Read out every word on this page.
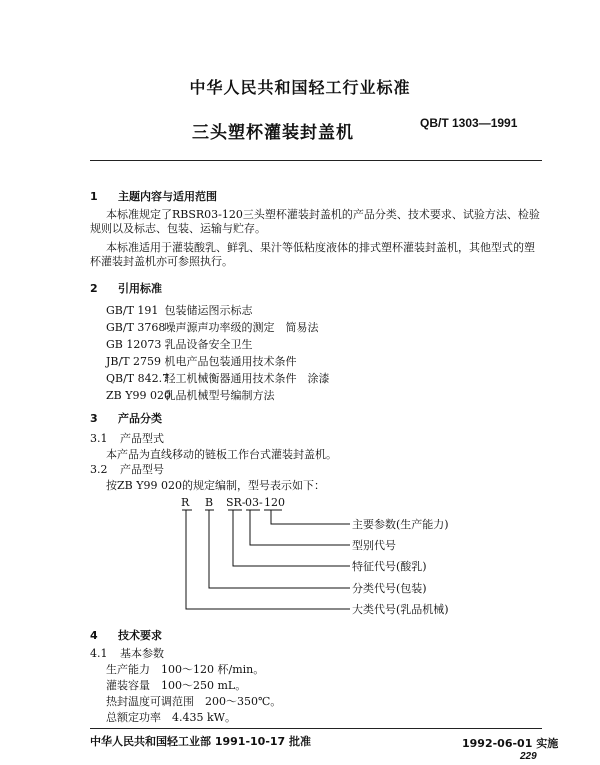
中华人民共和国轻工行业标准
三头塑杯灌装封盖机	QB/T 1303—1991
1 主题内容与适用范围
本标准规定了RBSR03-120三头塑杯灌装封盖机的产品分类、技术要求、试验方法、检验规则以及标志、包装、运输与贮存。
本标准适用于灌装酸乳、鲜乳、果汁等低粘度液体的排式塑杯灌装封盖机，其他型式的塑杯灌装封盖机亦可参照执行。
2 引用标准
GB/T 191 包装储运图示标志
GB/T 3768 噪声源声功率级的测定　简易法
GB 12073 乳品设备安全卫生
JB/T 2759 机电产品包装通用技术条件
QB/T 842.7 轻工机械衡器通用技术条件　涂漆
ZB Y99 020 乳品机械型号编制方法
3 产品分类
3.1 产品型式
本产品为直线移动的链板工作台式灌装封盖机。
3.2 产品型号
按ZB Y99 020的规定编制，型号表示如下：
R B SR- 03- 120
主要参数(生产能力)
型别代号
特征代号(酸乳)
分类代号(包装)
大类代号(乳品机械)
4 技术要求
4.1 基本参数
生产能力　100～120 杯/min。
灌装容量　100～250 mL。
热封温度可调范围　200～350℃。
总额定功率　4.435 kW。
中华人民共和国轻工业部 1991-10-17 批准	1992-06-01 实施
229
